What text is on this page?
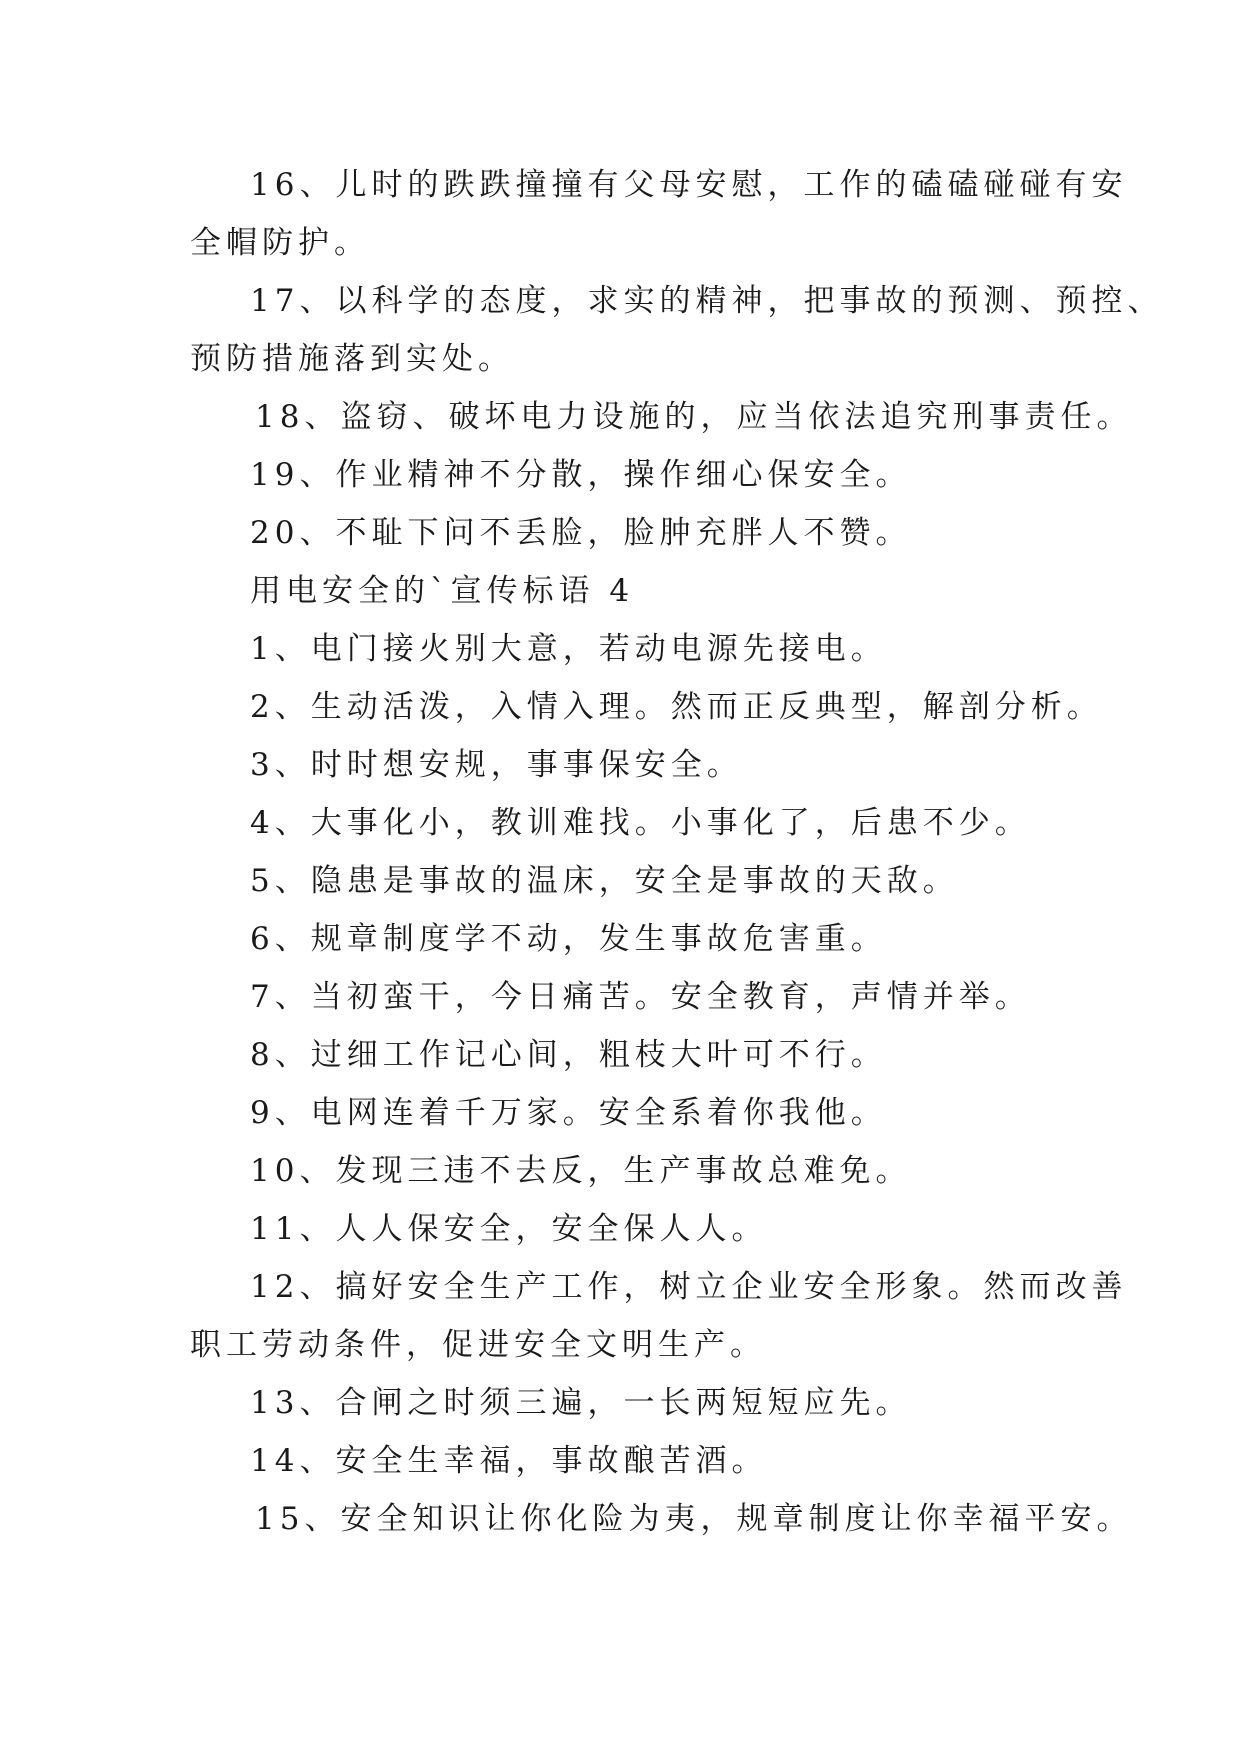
16、儿时的跌跌撞撞有父母安慰，工作的磕磕碰碰有安
全帽防护。
17、以科学的态度，求实的精神，把事故的预测、预控、
预防措施落到实处。
18、盗窃、破坏电力设施的，应当依法追究刑事责任。
19、作业精神不分散，操作细心保安全。
20、不耻下问不丢脸，脸肿充胖人不赞。
用电安全的`宣传标语 4
1、电门接火别大意，若动电源先接电。
2、生动活泼，入情入理。然而正反典型，解剖分析。
3、时时想安规，事事保安全。
4、大事化小，教训难找。小事化了，后患不少。
5、隐患是事故的温床，安全是事故的天敌。
6、规章制度学不动，发生事故危害重。
7、当初蛮干，今日痛苦。安全教育，声情并举。
8、过细工作记心间，粗枝大叶可不行。
9、电网连着千万家。安全系着你我他。
10、发现三违不去反，生产事故总难免。
11、人人保安全，安全保人人。
12、搞好安全生产工作，树立企业安全形象。然而改善
职工劳动条件，促进安全文明生产。
13、合闸之时须三遍，一长两短短应先。
14、安全生幸福，事故酿苦酒。
15、安全知识让你化险为夷，规章制度让你幸福平安。
